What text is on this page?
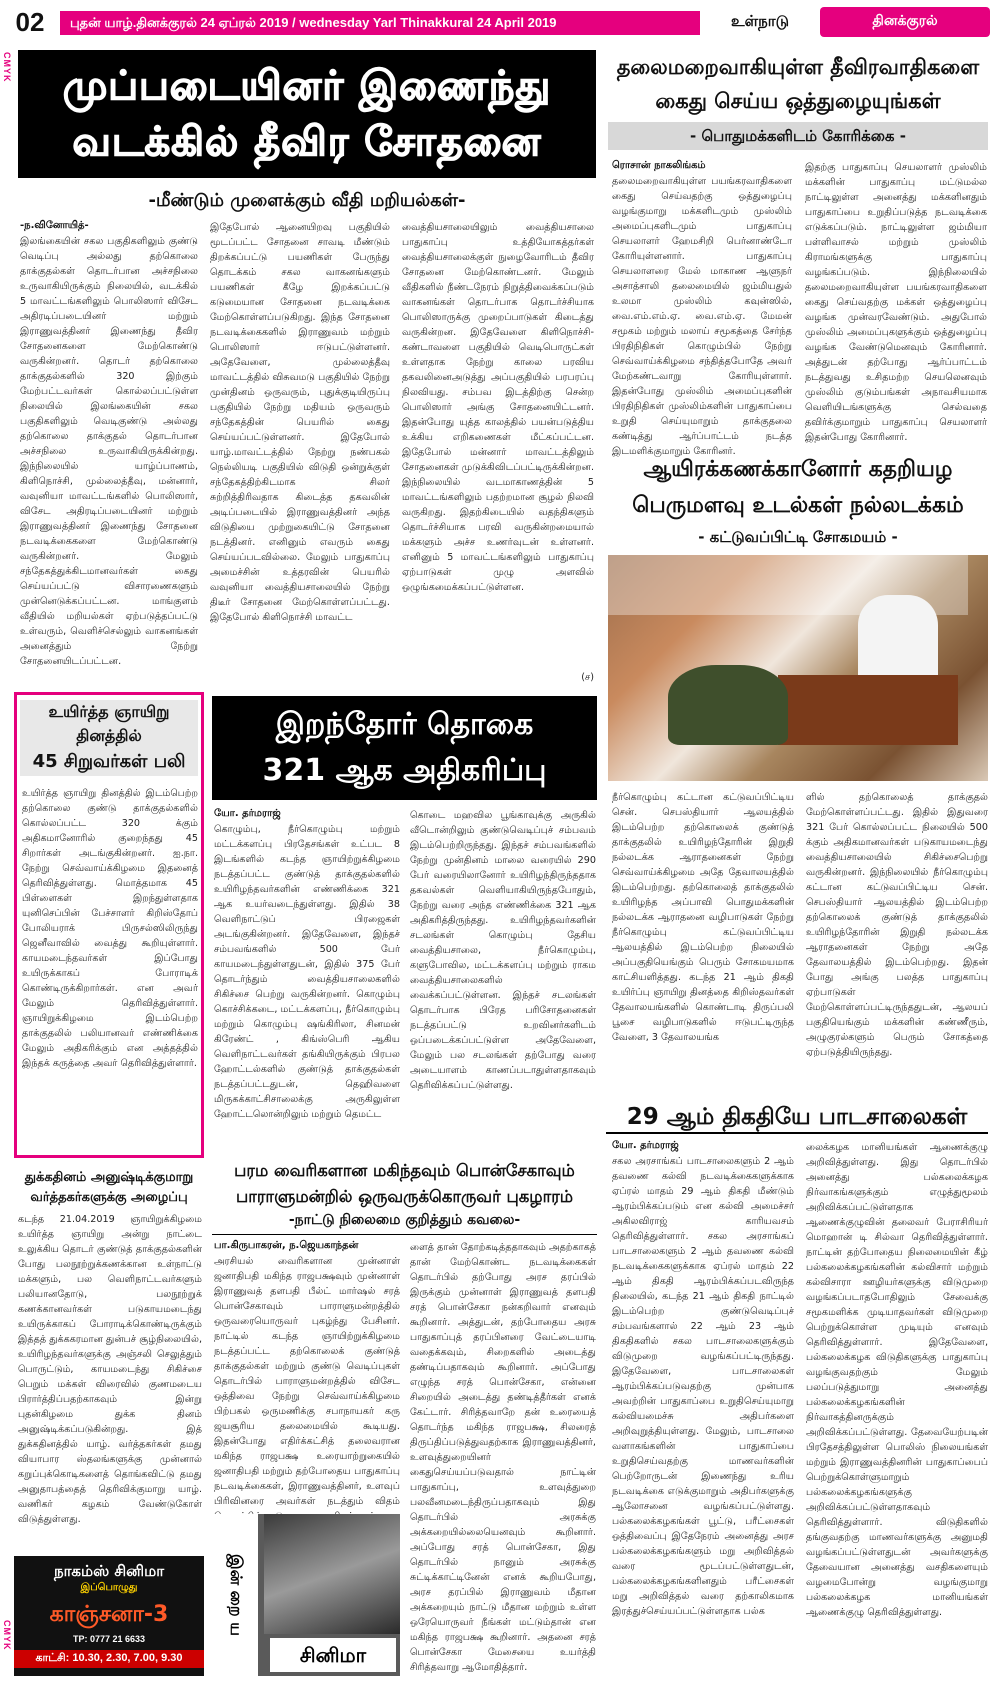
02	புதன் யாழ்.தினக்குரல் 24 ஏப்ரல் 2019 / wednesday Yarl Thinakkural 24 April 2019	உள்நாடு	தினக்குரல்
CMYK
CMYK
முப்படையினர் இணைந்து
வடக்கில் தீவிர சோதனை
-மீண்டும் முளைக்கும் வீதி மறியல்கள்-
-ந.வினோயித்-
இலங்கையின் சகல பகுதிகளிலும் குண்டு வெடிப்பு அல்லது தற்கொலை தாக்குதல்கள் தொடர்பான அச்சநிலை உருவாகியிருக்கும் நிலையில், வடக்கில் 5 மாவட்டங்களிலும் பொலிஸார் விசேட அதிரடிப்படையினர் மற்றும் இராணுவத்தினர் இணைந்து தீவிர சோதனைகளை மேற்கொண்டு வருகின்றனர். தொடர் தற்கொலை தாக்குதல்களில் 320 இற்கும் மேற்பட்டவர்கள் கொல்லப்பட்டுள்ள நிலையில் இலங்கையின் சகல பகுதிகளிலும் வெடிகுண்டு அல்லது தற்கொலை தாக்குதல் தொடர்பான அச்சநிலை உருவாகியிருக்கின்றது. இந்நிலையில் யாழ்ப்பாணம், கிளிநொச்சி, முல்லைத்தீவு, மன்னார், வவுனியா மாவட்டங்களில் பொலிஸார், விசேட அதிரடிப்படையினர் மற்றும் இராணுவத்தினர் இணைந்து சோதனை நடவடிக்கைகளை மேற்கொண்டு வருகின்றனர். மேலும் சந்தேகத்துக்கிடமானவர்கள் கைது செய்யப்பட்டு விசாரணைகளும் முன்னெடுக்கப்பட்டன. மாங்குளம் வீதியில் மறியல்கள் ஏற்படுத்தப்பட்டு உள்வரும், வெளிச்செல்லும் வாகனங்கள் அனைத்தும் நேற்று சோதனையிடப்பட்டன.
இதேபோல் ஆனையிறவு பகுதியில் மூடப்பட்ட சோதனை சாவடி மீண்டும் திறக்கப்பட்டு பயணிகள் பேருந்து தொடக்கம் சகல வாகனங்களும் பயணிகள் கீழே இறக்கப்பட்டு கடுமையான சோதனை நடவடிக்கை மேற்கொள்ளப்படுகிறது. இந்த சோதனை நடவடிக்கைகளில் இராணுவம் மற்றும் பொலிஸார் ஈடுபட்டுள்ளனர். அதேவேளை, முல்லைத்தீவு மாவட்டத்தில் விசுவமடு பகுதியில் நேற்று முன்தினம் ஒருவரும், புதுக்குடியிருப்பு பகுதியில் நேற்று மதியம் ஒருவரும் சந்தேகத்தின் பெயரில் கைது செய்யப்பட்டுள்ளனர். இதேபோல் யாழ்.மாவட்டத்தில் நேற்று நண்பகல் நெல்லியடி பகுதியில் விடுதி ஒன்றுக்குள் சந்தேகத்திற்கிடமாக சிலர் சுற்றித்திரிவதாக கிடைத்த தகவலின் அடிப்படையில் இராணுவத்தினர் அந்த விடுதியை முற்றுகையிட்டு சோதனை நடத்தினர். எனினும் எவரும் கைது செய்யப்படவில்லை. மேலும் பாதுகாப்பு அமைச்சின் உத்தரவின் பெயரில் வவுனியா வைத்தியசாலையில் நேற்று திடீர் சோதனை மேற்கொள்ளப்பட்டது. இதேபோல் கிளிநொச்சி மாவட்ட
வைத்தியசாலையிலும் வைத்தியசாலை பாதுகாப்பு உத்தியோகத்தர்கள் வைத்தியசாலைக்குள் நுழைவோரிடம் தீவிர சோதனை மேற்கொண்டனர். மேலும் வீதிகளில் நீண்டநேரம் நிறுத்திவைக்கப்படும் வாகனங்கள் தொடர்பாக தொடர்ச்சியாக பொலிஸாருக்கு முறைப்பாடுகள் கிடைத்து வருகின்றன. இதேவேளை கிளிநொச்சி- கண்டாவளை பகுதியில் வெடிபொருட்கள் உள்ளதாக நேற்று காலை பரவிய தகவலினைஅடுத்து அப்பகுதியில் பரபரப்பு நிலவியது. சம்பவ இடத்திற்கு சென்ற பொலிஸார் அங்கு சோதனையிட்டனர். இதன்போது யுத்த காலத்தில் பயன்படுத்திய உக்கிய எறிகணைகள் மீட்கப்பட்டன. இதேபோல் மன்னார் மாவட்டத்திலும் சோதனைகள் முடுக்கிவிடப்பட்டிருக்கின்றன. இந்நிலையில் வடமாகாணத்தின் 5 மாவட்டங்களிலும் பதற்றமான சூழல் நிலவி வருகிறது. இதற்கிடையில் வதந்திகளும் தொடர்ச்சியாக பரவி வருகின்றமையால் மக்களும் அச்ச உணர்வுடன் உள்ளனர். எனினும் 5 மாவட்டங்களிலும் பாதுகாப்பு ஏற்பாடுகள் முழு அளவில் ஒழுங்கமைக்கப்பட்டுள்ளன.
(ச)
தலைமறைவாகியுள்ள தீவிரவாதிகளை
கைது செய்ய ஒத்துழையுங்கள்
- பொதுமக்களிடம் கோரிக்கை -
ரொசான் நாகலிங்கம்
தலைமறைவாகியுள்ள பயங்கரவாதிகளை கைது செய்வதற்கு ஒத்துழைப்பு வழங்குமாறு மக்களிடமும் முஸ்லிம் அமைப்புகளிடமும் பாதுகாப்பு செயலாளர் ஹேமசிறி பெர்னாண்டோ கோரியுள்ளனார். பாதுகாப்பு செயலாளரை மேல் மாகாண ஆளுநர் அசாத்சாலி தலைமையில் ஜம்மியதுல் உலமா முஸ்லிம் கவுன்ஸில், வை.எம்.எம்.ஏ. வை.எம்.ஏ. மேமன் சமூகம் மற்றும் மலாய் சமூகத்தை சேர்ந்த பிரதிநிதிகள் கொழும்பில் நேற்று செவ்வாய்க்கிழமை சந்தித்தபோதே அவர் மேற்கண்டவாறு கோரியுள்ளார். இதன்போது முஸ்லிம் அமைப்புகளின் பிரதிநிதிகள் முஸ்லிம்களின் பாதுகாப்பை உறுதி செய்யுமாறும் தாக்குதலை கண்டித்து ஆர்ப்பாட்டம் நடத்த இடமளிக்குமாறும் கோரினர்.
இதற்கு பாதுகாப்பு செயலாளர் முஸ்லிம் மக்களின் பாதுகாப்பு மட்டுமல்ல நாட்டிலுள்ள அனைத்து மக்களினதும் பாதுகாப்பை உறுதிப்படுத்த நடவடிக்கை எடுக்கப்படும். நாட்டிலுள்ள ஜம்மியா பள்ளிவாசல் மற்றும் முஸ்லிம் கிராமங்களுக்கு பாதுகாப்பு வழங்கப்படும். இந்நிலையில் தலைமறைவாகியுள்ள பயங்கரவாதிகளை கைது செய்வதற்கு மக்கள் ஒத்துழைப்பு வழங்க முன்வரவேண்டும். அதுபோல் முஸ்லிம் அமைப்புகளுக்கும் ஒத்துழைப்பு வழங்க வேண்டுமெனவும் கோரினார். அத்துடன் தற்போது ஆர்ப்பாட்டம் நடத்துவது உசிதமற்ற செயலெனவும் முஸ்லிம் குடும்பங்கள் அநாவசியமாக வெளியிடங்களுக்கு செல்வதை தவிர்க்குமாறும் பாதுகாப்பு செயலாளர் இதன்போது கோரினார்.
ஆயிரக்கணக்கானோர் கதறியழ
பெருமளவு உடல்கள் நல்லடக்கம்
- கட்டுவப்பிட்டி சோகமயம் -
நீர்கொழும்பு கட்டான கட்டுவப்பிட்டிய சென். செபஸ்தியார் ஆலயத்தில் இடம்பெற்ற தற்கொலைக் குண்டுத் தாக்குதலில் உயிரிழந்தோரின் இறுதி நல்லடக்க ஆராதனைகள் நேற்று செவ்வாய்க்கிழமை அதே தேவாலயத்தில் இடம்பெற்றது. தற்கொலைத் தாக்குதலில் உயிரிழந்த அப்பாவி பொதுமக்களின் நல்லடக்க ஆராதனை வழிபாடுகள் நேற்று நீர்கொழும்பு கட்டுவப்பிட்டிய ஆலயத்தில் இடம்பெற்ற நிலையில் அப்பகுதியெங்கும் பெரும் சோகமயமாக காட்சியளித்தது. கடந்த 21 ஆம் திகதி உயிர்ப்பு ஞாயிறு தினத்தை கிறிஸ்தவர்கள் தேவாலயங்களில் கொண்டாடி திருப்பலி பூசை வழிபாடுகளில் ஈடுபட்டிருந்த வேளை, 3 தேவாலயங்க
ளில் தற்கொலைத் தாக்குதல் மேற்கொள்ளப்பட்டது. இதில் இதுவரை 321 பேர் கொல்லப்பட்ட நிலையில் 500 க்கும் அதிகமானவர்கள் படுகாயமடைந்து வைத்தியசாலையில் சிகிச்சைபெற்று வருகின்றனர். இந்நிலையில் நீர்கொழும்பு கட்டான கட்டுவப்பிட்டிய சென். செபஸ்தியார் ஆலயத்தில் இடம்பெற்ற தற்கொலைக் குண்டுத் தாக்குதலில் உயிரிழந்தோரின் இறுதி நல்லடக்க ஆராதனைகள் நேற்று அதே தேவாலயத்தில் இடம்பெற்றது. இதன் போது அங்கு பலத்த பாதுகாப்பு ஏற்பாடுகள் மேற்கொள்ளப்பட்டிருந்ததுடன், ஆலயப் பகுதியெங்கும் மக்களின் கண்ணீரும், அழுகுரல்களும் பெரும் சோகத்தை ஏற்படுத்தியிருந்தது.
உயிர்த்த ஞாயிறு
தினத்தில்
45 சிறுவர்கள் பலி
உயிர்த்த ஞாயிறு தினத்தில் இடம்பெற்ற தற்கொலை குண்டு தாக்குதல்களில் கொல்லப்பட்ட 320 க்கும் அதிகமானோரில் குறைந்தது 45 சிறார்கள் அடங்குகின்றனர். ஐ.நா. நேற்று செவ்வாய்க்கிழமை இதனைத் தெரிவித்துள்ளது. மொத்தமாக 45 பிள்ளைகள் இறந்துள்ளதாக யுனிசெப்பின் பேச்சாளர் கிறிஸ்தோப் போலியராக் பிருசல்ஸிலிருந்து ஜெனீவாவில் வைத்து கூறியுள்ளார். காயமடைந்தவர்கள் இப்போது உயிருக்காகப் போராடிக் கொண்டிருக்கிறார்கள். என அவர் மேலும் தெரிவித்துள்ளார். ஞாயிறுக்கிழமை இடம்பெற்ற தாக்குதலில் பலியானவர் எண்ணிக்கை மேலும் அதிகரிக்கும் என அத்தத்தில் இந்தக் கருத்தை அவர் தெரிவித்துள்ளார்.
இறந்தோர் தொகை
321 ஆக அதிகரிப்பு
யோ. தர்மராஜ்
கொழும்பு, நீர்கொழும்பு மற்றும் மட்டக்களப்பு பிரதேசங்கள் உட்பட 8 இடங்களில் கடந்த ஞாயிற்றுக்கிழமை நடத்தப்பட்ட குண்டுத் தாக்குதல்களில் உயிரிழந்தவர்களின் எண்ணிக்கை 321 ஆக உயர்வடைந்துள்ளது. இதில் 38 வெளிநாட்டுப் பிரஜைகள் அடங்குகின்றனர். இதேவேளை, இந்தச் சம்பவங்களில் 500 பேர் காயமடைந்துள்ளதுடன், இதில் 375 பேர் தொடர்ந்தும் வைத்தியசாலைகளில் சிகிச்சை பெற்று வருகின்றனர். கொழும்பு கொச்சிக்கடை, மட்டக்களப்பு, நீர்கொழும்பு மற்றும் கொழும்பு ஷங்கிரிலா, சினமன் கிரேண்ட் , கிங்ஸ்பெரி ஆகிய வெளிநாட்டவர்கள் தங்கியிருக்கும் பிரபல ஹோட்டல்களில் குண்டுத் தாக்குதல்கள் நடத்தப்பட்டதுடன், தெஹிவளை மிருகக்காட்சிசாலைக்கு அருகிலுள்ள ஹோட்டலொன்றிலும் மற்றும் தெமட்ட
கொடை மஹவில பூங்காவுக்கு அருகில் வீடொன்றிலும் குண்டுவெடிப்புச் சம்பவம் இடம்பெற்றிருந்தது. இந்தச் சம்பவங்களில் நேற்று முன்தினம் மாலை வரையில் 290 பேர் வரையிலானோர் உயிரிழந்திருந்ததாக தகவல்கள் வெளியாகியிருந்தபோதும், நேற்று வரை அந்த எண்ணிக்கை 321 ஆக அதிகரித்திருந்தது. உயிரிழந்தவர்களின் சடலங்கள் கொழும்பு தேசிய வைத்தியசாலை, நீர்கொழும்பு, களுபோவில, மட்டக்களப்பு மற்றும் ராகம வைத்தியசாலைகளில் வைக்கப்பட்டுள்ளன. இந்தச் சடலங்கள் தொடர்பாக பிரேத பரிசோதனைகள் நடத்தப்பட்டு உறவினர்களிடம் ஒப்படைக்கப்பட்டுள்ள அதேவேளை, மேலும் பல சடலங்கள் தற்போது வரை அடையாளம் காணப்படாதுள்ளதாகவும் தெரிவிக்கப்பட்டுள்ளது.
29 ஆம் திகதியே பாடசாலைகள்
யோ. தர்மராஜ்
சகல அரசாங்கப் பாடசாலைகளும் 2 ஆம் தவணை கல்வி நடவடிக்கைகளுக்காக ஏப்ரல் மாதம் 29 ஆம் திகதி மீண்டும் ஆரம்பிக்கப்படும் என கல்வி அமைச்சர் அகிலவிராஜ் காரியவசம் தெரிவித்துள்ளார். சகல அரசாங்கப் பாடசாலைகளும் 2 ஆம் தவணை கல்வி நடவடிக்கைகளுக்காக ஏப்ரல் மாதம் 22 ஆம் திகதி ஆரம்பிக்கப்படவிருந்த நிலையில், கடந்த 21 ஆம் திகதி நாட்டில் இடம்பெற்ற குண்டுவெடிப்புச் சம்பவங்களால் 22 ஆம் 23 ஆம் திகதிகளில் சகல பாடசாலைகளுக்கும் விடுமுறை வழங்கப்பட்டிருந்தது. இதேவேளை, பாடசாலைகள் ஆரம்பிக்கப்படுவதற்கு முன்பாக அவற்றின் பாதுகாப்பை உறுதிசெய்யுமாறு கல்வியமைச்சு அதிபர்களை அறிவுறுத்தியுள்ளது. மேலும், பாடசாலை வளாகங்களின் பாதுகாப்பை உறுதிசெய்வதற்கு மாணவர்களின் பெற்றோருடன் இணைந்து உரிய நடவடிக்கை எடுக்குமாறும் அதிபர்களுக்கு ஆலோசனை வழங்கப்பட்டுள்ளது. பல்கலைக்கழகங்கள் பூட்டு, பரீட்சைகள் ஒத்திவைப்பு இதேநேரம் அனைத்து அரச பல்கலைக்கழகங்களும் மறு அறிவித்தல் வரை மூடப்பட்டுள்ளதுடன், பல்கலைக்கழகங்களினதும் பரீட்சைகள் மறு அறிவித்தல் வரை தற்காலிகமாக இரத்துச்செய்யப்பட்டுள்ளதாக பல்க
லைக்கழக மானியங்கள் ஆணைக்குழு அறிவித்துள்ளது. இது தொடர்பில் அனைத்து பல்கலைக்கழக நிர்வாகங்களுக்கும் எழுத்துமூலம் அறிவிக்கப்பட்டுள்ளதாக ஆணைக்குழுவின் தலைவர் பேராசிரியர் மொஹான் டி சில்வா தெரிவித்துள்ளார். நாட்டின் தற்போதைய நிலைமையின் கீழ் பல்கலைக்கழகங்களின் கல்விசார் மற்றும் கல்விசாரா ஊழியர்களுக்கு விடுமுறை வழங்கப்படாதபோதிலும் சேவைக்கு சமூகமளிக்க முடியாதவர்கள் விடுமுறை பெற்றுக்கொள்ள முடியும் எனவும் தெரிவித்துள்ளார். இதேவேளை, பல்கலைக்கழக விடுதிகளுக்கு பாதுகாப்பு வழங்குவதற்கும் மேலும் பலப்படுத்துமாறு அனைத்து பல்கலைக்கழகங்களின் நிர்வாகத்தினருக்கும் அறிவிக்கப்பட்டுள்ளது. தேவையேற்படின் பிரதேசத்திலுள்ள பொலிஸ் நிலையங்கள் மற்றும் இராணுவத்தினரின் பாதுகாப்பைப் பெற்றுக்கொள்ளுமாறும் பல்கலைக்கழகங்களுக்கு அறிவிக்கப்பட்டுள்ளதாகவும் தெரிவித்துள்ளார். விடுதிகளில் தங்குவதற்கு மாணவர்களுக்கு அனுமதி வழங்கப்பட்டுள்ளதுடன் அவர்களுக்கு தேவையான அனைத்து வசதிகளையும் வழமைபோன்று வழங்குமாறு பல்கலைக்கழக மானியங்கள் ஆணைக்குழு தெரிவித்துள்ளது.
பரம வைரிகளான மகிந்தவும் பொன்சேகாவும்
பாராளுமன்றில் ஒருவருக்கொருவர் புகழாரம்
-நாட்டு நிலைமை குறித்தும் கவலை-
பா.கிருபாகரன், ந.ஜெயகாந்தன்
அரசியல் வைரிகளான முன்னாள் ஜனாதிபதி மகிந்த ராஜபக்ஷவும் முன்னாள் இராணுவத் தளபதி பீல்ட் மார்ஷல் சரத் பொன்சேகாவும் பாராளுமன்றத்தில் ஒருவரையொருவர் புகழ்ந்து பேசினர். நாட்டில் கடந்த ஞாயிற்றுக்கிழமை நடத்தப்பட்ட தற்கொலைக் குண்டுத் தாக்குதல்கள் மற்றும் குண்டு வெடிப்புகள் தொடர்பில் பாராளுமன்றத்தில் விசேட ஒத்திவை நேற்று செவ்வாய்க்கிழமை பிற்பகல் ஒருமணிக்கு சபாநாயகர் கரு ஜயசூரிய தலைமையில் கூடியது. இதன்போது எதிர்க்கட்சித் தலைவரான மகிந்த ராஜபக்ஷ உரையாற்றுகையில் ஜனாதிபதி மற்றும் தற்போதைய பாதுகாப்பு நடவடிக்கைகள், இராணுவத்தினர், உளவுப் பிரிவினரை அவர்கள் நடத்தும் விதம்
ளைத் தான் தோற்கடித்ததாகவும் அதற்காகத் தான் மேற்கொண்ட நடவடிக்கைகள் தொடர்பில் தற்போது அரச தரப்பில் இருக்கும் முன்னாள் இராணுவத் தளபதி சரத் பொன்சேகா நன்கறிவார் எனவும் கூறினார். அத்துடன், தற்போதைய அரசு பாதுகாப்புத் தரப்பினரை வேட்டையாடி வதைக்கவும், சிறைகளில் அடைத்து தண்டிப்பதாகவும் கூறினார். அப்போது எழுந்த சரத் பொன்சேகா, என்னை சிறையில் அடைத்து தண்டித்தீர்கள் எனக் கேட்டார். சிரித்தவாறே தன் உரையைத் தொடர்ந்த மகிந்த ராஜபக்ஷ, சிலரைத் திருப்திப்படுத்துவதற்காக இராணுவத்தினர், உளவுத்துறையினர் கைதுசெய்யப்படுவதால் நாட்டின் பாதுகாப்பு, உளவுத்துறை பலவீனமடைந்திருப்பதாகவும் இது தொடர்பில் அரசுக்கு அக்கறையில்லையெனவும் கூறினார். அப்போது சரத் பொன்சேகா, இது தொடர்பில் நானும் அரசுக்கு சுட்டிக்காட்டினேன் எனக் கூறியபோது, அரச தரப்பில் இராணுவம் மீதான அக்கறையும் நாட்டு மீதான மற்றும் உள்ள ஒரேயொருவர் நீங்கள் மட்டும்தான் என மகிந்த ராஜபக்ஷ கூறினார். அதனை சரத் பொன்சேகா மேசையை உயர்த்தி சிரித்தவாறு ஆமோதித்தார்.
துக்கதினம் அனுஷ்டிக்குமாறு
வர்த்தகர்களுக்கு அழைப்பு
கடந்த 21.04.2019 ஞாயிறுக்கிழமை உயிர்த்த ஞாயிறு அன்று நாட்டை உலுக்கிய தொடர் குண்டுத் தாக்குதல்களின் போது பலநூற்றுக்கணக்கான உள்நாட்டு மக்களும், பல வெளிநாட்டவர்களும் பலியானதோடு, பலநூற்றுக் கணக்கானவர்கள் படுகாயமடைந்து உயிருக்காகப் போராடிக்கொண்டிருக்கும் இத்தத் துக்ககரமான துன்பச் சூழ்நிலையில், உயிரிழந்தவர்களுக்கு அஞ்சலி செலுத்தும் பொருட்டும், காயமடைந்து சிகிச்சை பெறும் மக்கள் விரைவில் குணமடைய பிரார்த்திப்பதற்காகவும் இன்று புதன்கிழமை துக்க தினம் அனுஷ்டிக்கப்படுகின்றது. இத் துக்கதினத்தில் யாழ். வர்த்தகர்கள் தமது வியாபார ஸ்தலங்களுக்கு முன்னால் கறுப்புக்கொடிகளைத் தொங்கவிட்டு தமது அனுதாபத்தைத் தெரிவிக்குமாறு யாழ். வணிகர் கழகம் வேண்டுகோள் விடுத்துள்ளது.
நாகம்ஸ் சினிமா
இப்பொழுது
காஞ்சனா-3
TP: 0777 21 6633
காட்சி: 10.30, 2.30, 7.00, 9.30
இன் றை ய
சினிமா
